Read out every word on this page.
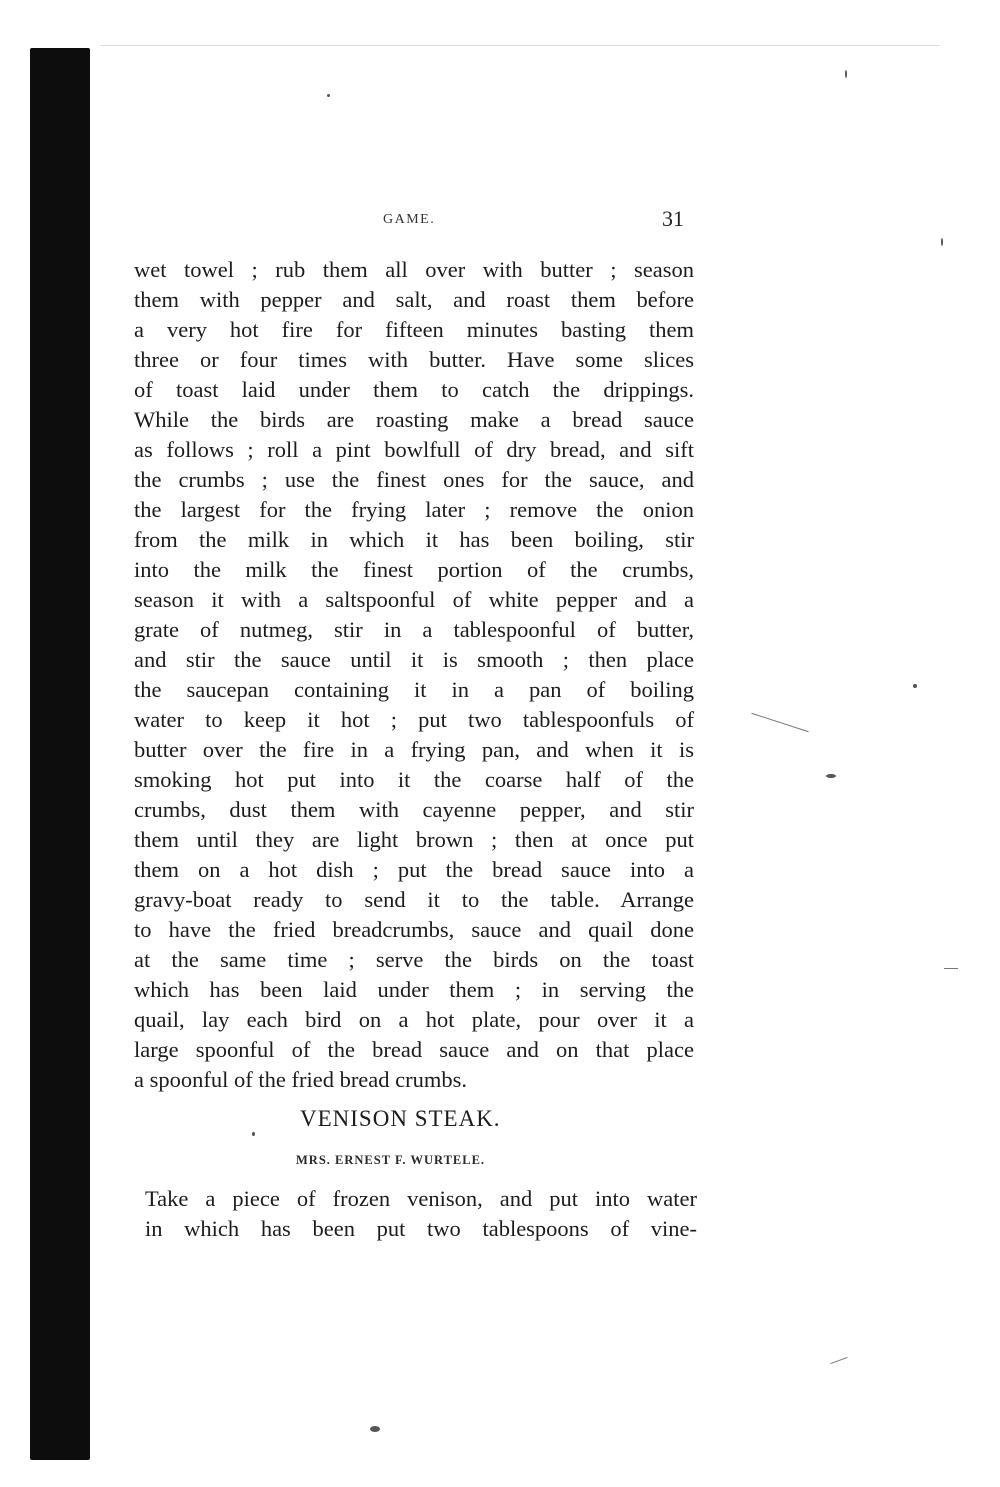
GAME.	31
wet towel ; rub them all over with butter ; season
them with pepper and salt, and roast them before
a very hot fire for fifteen minutes basting them
three or four times with butter. Have some slices
of toast laid under them to catch the drippings.
While the birds are roasting make a bread sauce
as follows ; roll a pint bowlfull of dry bread, and sift
the crumbs ; use the finest ones for the sauce, and
the largest for the frying later ; remove the onion
from the milk in which it has been boiling, stir
into the milk the finest portion of the crumbs,
season it with a saltspoonful of white pepper and a
grate of nutmeg, stir in a tablespoonful of butter,
and stir the sauce until it is smooth ; then place
the saucepan containing it in a pan of boiling
water to keep it hot ; put two tablespoonfuls of
butter over the fire in a frying pan, and when it is
smoking hot put into it the coarse half of the
crumbs, dust them with cayenne pepper, and stir
them until they are light brown ; then at once put
them on a hot dish ; put the bread sauce into a
gravy-boat ready to send it to the table. Arrange
to have the fried breadcrumbs, sauce and quail done
at the same time ; serve the birds on the toast
which has been laid under them ; in serving the
quail, lay each bird on a hot plate, pour over it a
large spoonful of the bread sauce and on that place
a spoonful of the fried bread crumbs.
VENISON STEAK.
MRS. ERNEST F. WURTELE.
Take a piece of frozen venison, and put into water
in which has been put two tablespoons of vine-
